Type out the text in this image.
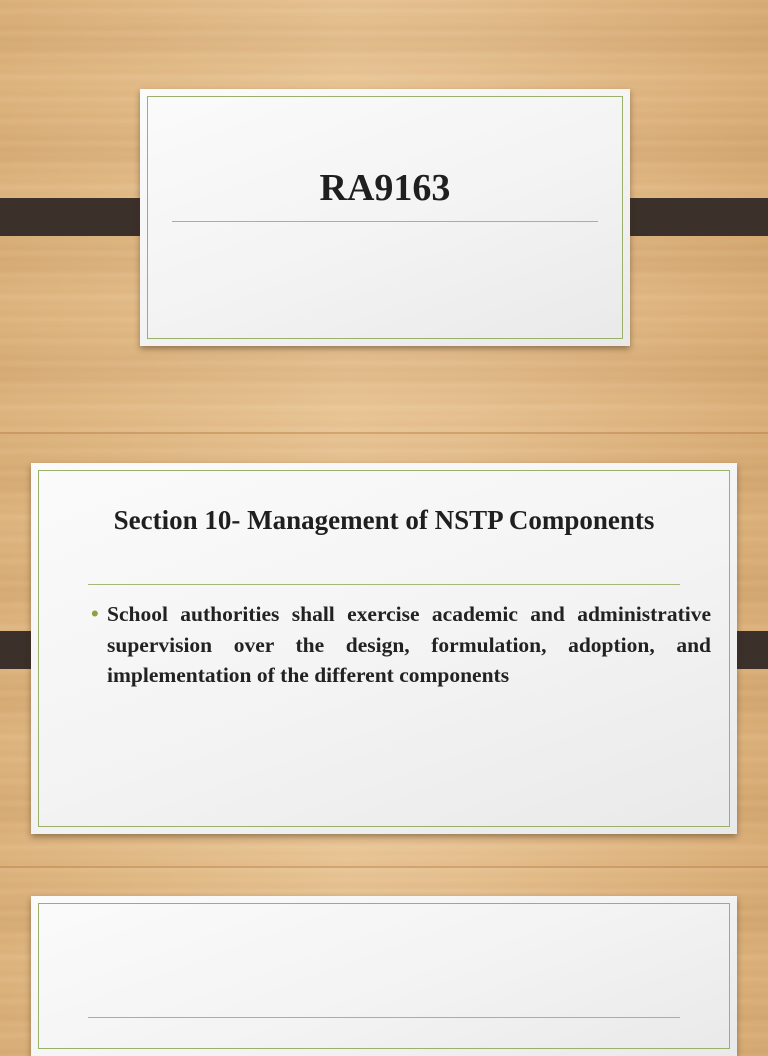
RA9163
Section 10- Management of NSTP Components
• School authorities shall exercise academic and administrative supervision over the design, formulation, adoption, and implementation of the different components
